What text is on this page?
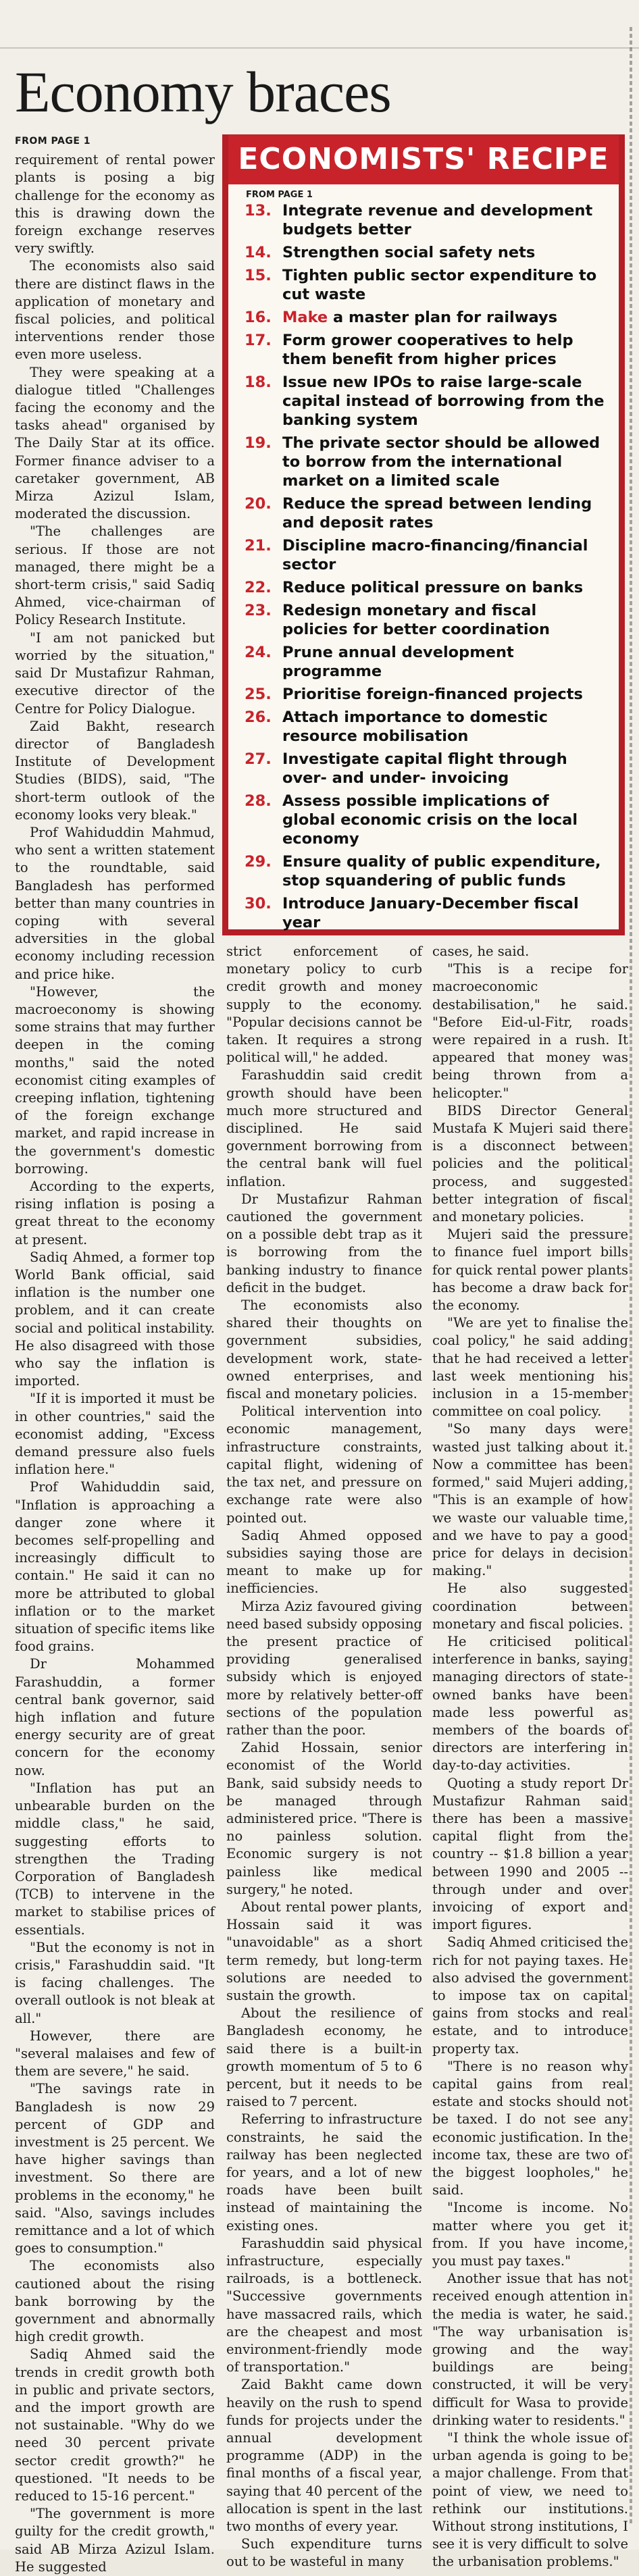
Economy braces
FROM PAGE 1

requirement of rental power plants is posing a big challenge for the economy as this is drawing down the foreign exchange reserves very swiftly.

The economists also said there are distinct flaws in the application of monetary and fiscal policies, and political interventions render those even more useless.

They were speaking at a dialogue titled "Challenges facing the economy and the tasks ahead" organised by The Daily Star at its office. Former finance adviser to a caretaker government, AB Mirza Azizul Islam, moderated the discussion.

"The challenges are serious. If those are not managed, there might be a short-term crisis," said Sadiq Ahmed, vice-chairman of Policy Research Institute.

"I am not panicked but worried by the situation," said Dr Mustafizur Rahman, executive director of the Centre for Policy Dialogue.

Zaid Bakht, research director of Bangladesh Institute of Development Studies (BIDS), said, "The short-term outlook of the economy looks very bleak."

Prof Wahiduddin Mahmud, who sent a written statement to the roundtable, said Bangladesh has performed better than many countries in coping with several adversities in the global economy including recession and price hike.

"However, the macroeconomy is showing some strains that may further deepen in the coming months," said the noted economist citing examples of creeping inflation, tightening of the foreign exchange market, and rapid increase in the government's domestic borrowing.

According to the experts, rising inflation is posing a great threat to the economy at present.

Sadiq Ahmed, a former top World Bank official, said inflation is the number one problem, and it can create social and political instability. He also disagreed with those who say the inflation is imported.

"If it is imported it must be in other countries," said the economist adding, "Excess demand pressure also fuels inflation here."

Prof Wahiduddin said, "Inflation is approaching a danger zone where it becomes self-propelling and increasingly difficult to contain." He said it can no more be attributed to global inflation or to the market situation of specific items like food grains.

Dr Mohammed Farashuddin, a former central bank governor, said high inflation and future energy security are of great concern for the economy now.

"Inflation has put an unbearable burden on the middle class," he said, suggesting efforts to strengthen the Trading Corporation of Bangladesh (TCB) to intervene in the market to stabilise prices of essentials.

"But the economy is not in crisis," Farashuddin said. "It is facing challenges. The overall outlook is not bleak at all."

However, there are "several malaises and few of them are severe," he said.

"The savings rate in Bangladesh is now 29 percent of GDP and investment is 25 percent. We have higher savings than investment. So there are problems in the economy," he said. "Also, savings includes remittance and a lot of which goes to consumption."

The economists also cautioned about the rising bank borrowing by the government and abnormally high credit growth.

Sadiq Ahmed said the trends in credit growth both in public and private sectors, and the import growth are not sustainable. "Why do we need 30 percent private sector credit growth?" he questioned. "It needs to be reduced to 15-16 percent."

"The government is more guilty for the credit growth," said AB Mirza Azizul Islam. He suggested

ECONOMISTS' RECIPE
FROM PAGE 1
13. Integrate revenue and development budgets better
14. Strengthen social safety nets
15. Tighten public sector expenditure to cut waste
16. Make a master plan for railways
17. Form grower cooperatives to help them benefit from higher prices
18. Issue new IPOs to raise large-scale capital instead of borrowing from the banking system
19. The private sector should be allowed to borrow from the international market on a limited scale
20. Reduce the spread between lending and deposit rates
21. Discipline macro-financing/financial sector
22. Reduce political pressure on banks
23. Redesign monetary and fiscal policies for better coordination
24. Prune annual development programme
25. Prioritise foreign-financed projects
26. Attach importance to domestic resource mobilisation
27. Investigate capital flight through over- and under- invoicing
28. Assess possible implications of global economic crisis on the local economy
29. Ensure quality of public expenditure, stop squandering of public funds
30. Introduce January-December fiscal year

strict enforcement of monetary policy to curb credit growth and money supply to the economy. "Popular decisions cannot be taken. It requires a strong political will," he added.

Farashuddin said credit growth should have been much more structured and disciplined. He said government borrowing from the central bank will fuel inflation.

Dr Mustafizur Rahman cautioned the government on a possible debt trap as it is borrowing from the banking industry to finance deficit in the budget.

The economists also shared their thoughts on government subsidies, development work, state-owned enterprises, and fiscal and monetary policies.

Political intervention into economic management, infrastructure constraints, capital flight, widening of the tax net, and pressure on exchange rate were also pointed out.

Sadiq Ahmed opposed subsidies saying those are meant to make up for inefficiencies.

Mirza Aziz favoured giving need based subsidy opposing the present practice of providing generalised subsidy which is enjoyed more by relatively better-off sections of the population rather than the poor.

Zahid Hossain, senior economist of the World Bank, said subsidy needs to be managed through administered price. "There is no painless solution. Economic surgery is not painless like medical surgery," he noted.

About rental power plants, Hossain said it was "unavoidable" as a short term remedy, but long-term solutions are needed to sustain the growth.

About the resilience of Bangladesh economy, he said there is a built-in growth momentum of 5 to 6 percent, but it needs to be raised to 7 percent.

Referring to infrastructure constraints, he said the railway has been neglected for years, and a lot of new roads have been built instead of maintaining the existing ones.

Farashuddin said physical infrastructure, especially railroads, is a bottleneck. "Successive governments have massacred rails, which are the cheapest and most environment-friendly mode of transportation."

Zaid Bakht came down heavily on the rush to spend funds for projects under the annual development programme (ADP) in the final months of a fiscal year, saying that 40 percent of the allocation is spent in the last two months of every year.

Such expenditure turns out to be wasteful in many

cases, he said.

"This is a recipe for macroeconomic destabilisation," he said. "Before Eid-ul-Fitr, roads were repaired in a rush. It appeared that money was being thrown from a helicopter."

BIDS Director General Mustafa K Mujeri said there is a disconnect between policies and the political process, and suggested better integration of fiscal and monetary policies.

Mujeri said the pressure to finance fuel import bills for quick rental power plants has become a draw back for the economy.

"We are yet to finalise the coal policy," he said adding that he had received a letter last week mentioning his inclusion in a 15-member committee on coal policy.

"So many days were wasted just talking about it. Now a committee has been formed," said Mujeri adding, "This is an example of how we waste our valuable time, and we have to pay a good price for delays in decision making."

He also suggested coordination between monetary and fiscal policies.

He criticised political interference in banks, saying managing directors of state-owned banks have been made less powerful as members of the boards of directors are interfering in day-to-day activities.

Quoting a study report Dr Mustafizur Rahman said there has been a massive capital flight from the country -- $1.8 billion a year between 1990 and 2005 -- through under and over invoicing of export and import figures.

Sadiq Ahmed criticised the rich for not paying taxes. He also advised the government to impose tax on capital gains from stocks and real estate, and to introduce property tax.

"There is no reason why capital gains from real estate and stocks should not be taxed. I do not see any economic justification. In the income tax, these are two of the biggest loopholes," he said.

"Income is income. No matter where you get it from. If you have income, you must pay taxes."

Another issue that has not received enough attention in the media is water, he said. "The way urbanisation is growing and the way buildings are being constructed, it will be very difficult for Wasa to provide drinking water to residents."

"I think the whole issue of urban agenda is going to be a major challenge. From that point of view, we need to rethink our institutions. Without strong institutions, I see it is very difficult to solve the urbanisation problems."
